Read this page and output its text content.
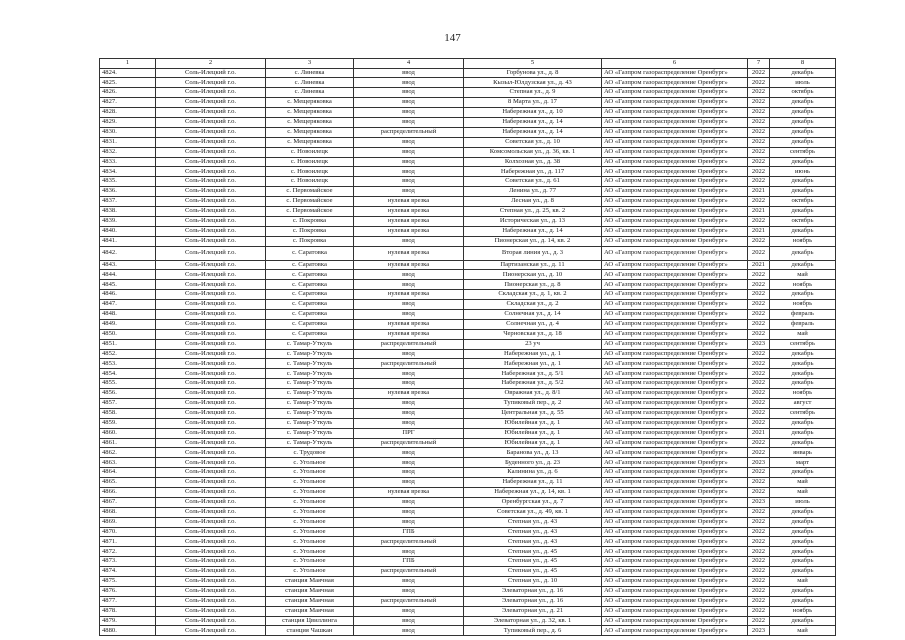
147
1	2	3	4	5	6	7	8
4824.	Соль-Илецкий г.о.	с. Линевка	ввод	Горбунова ул., д. 8	АО «Газпром газораспределение Оренбург»	2022	декабрь
4825.	Соль-Илецкий г.о.	с. Линевка	ввод	Кызыл-Юлдузская ул., д. 43	АО «Газпром газораспределение Оренбург»	2022	июль
4826.	Соль-Илецкий г.о.	с. Линевка	ввод	Степная ул., д. 9	АО «Газпром газораспределение Оренбург»	2022	октябрь
4827.	Соль-Илецкий г.о.	с. Мещеряковка	ввод	8 Марта ул., д. 17	АО «Газпром газораспределение Оренбург»	2022	декабрь
4828.	Соль-Илецкий г.о.	с. Мещеряковка	ввод	Набережная ул., д. 10	АО «Газпром газораспределение Оренбург»	2022	декабрь
4829.	Соль-Илецкий г.о.	с. Мещеряковка	ввод	Набережная ул., д. 14	АО «Газпром газораспределение Оренбург»	2022	декабрь
4830.	Соль-Илецкий г.о.	с. Мещеряковка	распределительный	Набережная ул., д. 14	АО «Газпром газораспределение Оренбург»	2022	декабрь
4831.	Соль-Илецкий г.о.	с. Мещеряковка	ввод	Советская ул., д. 10	АО «Газпром газораспределение Оренбург»	2022	декабрь
4832.	Соль-Илецкий г.о.	с. Новоилецк	ввод	Комсомольская ул., д. 36, кв. 1	АО «Газпром газораспределение Оренбург»	2022	сентябрь
4833.	Соль-Илецкий г.о.	с. Новоилецк	ввод	Колхозная ул., д. 38	АО «Газпром газораспределение Оренбург»	2022	декабрь
4834.	Соль-Илецкий г.о.	с. Новоилецк	ввод	Набережная ул., д. 117	АО «Газпром газораспределение Оренбург»	2022	июнь
4835.	Соль-Илецкий г.о.	с. Новоилецк	ввод	Советская ул., д. 61	АО «Газпром газораспределение Оренбург»	2022	декабрь
4836.	Соль-Илецкий г.о.	с. Первомайское	ввод	Ленина ул., д. 77	АО «Газпром газораспределение Оренбург»	2021	декабрь
4837.	Соль-Илецкий г.о.	с. Первомайское	нулевая врезка	Лесная ул., д. 8	АО «Газпром газораспределение Оренбург»	2022	октябрь
4838.	Соль-Илецкий г.о.	с. Первомайское	нулевая врезка	Степная ул., д. 25, кв. 2	АО «Газпром газораспределение Оренбург»	2021	декабрь
4839.	Соль-Илецкий г.о.	с. Покровка	нулевая врезка	Историческая ул., д. 13	АО «Газпром газораспределение Оренбург»	2022	октябрь
4840.	Соль-Илецкий г.о.	с. Покровка	нулевая врезка	Набережная ул., д. 14	АО «Газпром газораспределение Оренбург»	2021	декабрь
4841.	Соль-Илецкий г.о.	с. Покровка	ввод	Пионерская ул., д. 14, кв. 2	АО «Газпром газораспределение Оренбург»	2022	ноябрь
4842.	Соль-Илецкий г.о.	с. Саратовка	нулевая врезка	Вторая линия ул., д. 3	АО «Газпром газораспределение Оренбург»	2022	декабрь
4843.	Соль-Илецкий г.о.	с. Саратовка	нулевая врезка	Партизанская ул., д. 11	АО «Газпром газораспределение Оренбург»	2021	декабрь
4844.	Соль-Илецкий г.о.	с. Саратовка	ввод	Пионерская ул., д. 10	АО «Газпром газораспределение Оренбург»	2022	май
4845.	Соль-Илецкий г.о.	с. Саратовка	ввод	Пионерская ул., д. 8	АО «Газпром газораспределение Оренбург»	2022	ноябрь
4846.	Соль-Илецкий г.о.	с. Саратовка	нулевая врезка	Складская ул., д. 1, кв. 2	АО «Газпром газораспределение Оренбург»	2022	декабрь
4847.	Соль-Илецкий г.о.	с. Саратовка	ввод	Складская ул., д. 2	АО «Газпром газораспределение Оренбург»	2022	ноябрь
4848.	Соль-Илецкий г.о.	с. Саратовка	ввод	Солнечная ул., д. 14	АО «Газпром газораспределение Оренбург»	2022	февраль
4849.	Соль-Илецкий г.о.	с. Саратовка	нулевая врезка	Солнечная ул., д. 4	АО «Газпром газораспределение Оренбург»	2022	февраль
4850.	Соль-Илецкий г.о.	с. Саратовка	нулевая врезка	Черновская ул., д. 18	АО «Газпром газораспределение Оренбург»	2022	май
4851.	Соль-Илецкий г.о.	с. Тамар-Уткуль	распределительный	23 уч	АО «Газпром газораспределение Оренбург»	2023	сентябрь
4852.	Соль-Илецкий г.о.	с. Тамар-Уткуль	ввод	Набережная ул., д. 1	АО «Газпром газораспределение Оренбург»	2022	декабрь
4853.	Соль-Илецкий г.о.	с. Тамар-Уткуль	распределительный	Набережная ул., д. 1	АО «Газпром газораспределение Оренбург»	2022	декабрь
4854.	Соль-Илецкий г.о.	с. Тамар-Уткуль	ввод	Набережная ул., д. 5/1	АО «Газпром газораспределение Оренбург»	2022	декабрь
4855.	Соль-Илецкий г.о.	с. Тамар-Уткуль	ввод	Набережная ул., д. 5/2	АО «Газпром газораспределение Оренбург»	2022	декабрь
4856.	Соль-Илецкий г.о.	с. Тамар-Уткуль	нулевая врезка	Овражная ул., д. 8/1	АО «Газпром газораспределение Оренбург»	2022	ноябрь
4857.	Соль-Илецкий г.о.	с. Тамар-Уткуль	ввод	Тупиковый пер., д. 2	АО «Газпром газораспределение Оренбург»	2022	август
4858.	Соль-Илецкий г.о.	с. Тамар-Уткуль	ввод	Центральная ул., д. 55	АО «Газпром газораспределение Оренбург»	2022	сентябрь
4859.	Соль-Илецкий г.о.	с. Тамар-Уткуль	ввод	Юбилейная ул., д. 1	АО «Газпром газораспределение Оренбург»	2022	декабрь
4860.	Соль-Илецкий г.о.	с. Тамар-Уткуль	ПРГ	Юбилейная ул., д. 1	АО «Газпром газораспределение Оренбург»	2021	декабрь
4861.	Соль-Илецкий г.о.	с. Тамар-Уткуль	распределительный	Юбилейная ул., д. 1	АО «Газпром газораспределение Оренбург»	2022	декабрь
4862.	Соль-Илецкий г.о.	с. Трудовое	ввод	Баранова ул., д. 13	АО «Газпром газораспределение Оренбург»	2022	январь
4863.	Соль-Илецкий г.о.	с. Угольное	ввод	Буденного ул., д. 23	АО «Газпром газораспределение Оренбург»	2023	март
4864.	Соль-Илецкий г.о.	с. Угольное	ввод	Калинина ул., д. 6	АО «Газпром газораспределение Оренбург»	2022	декабрь
4865.	Соль-Илецкий г.о.	с. Угольное	ввод	Набережная ул., д. 11	АО «Газпром газораспределение Оренбург»	2022	май
4866.	Соль-Илецкий г.о.	с. Угольное	нулевая врезка	Набережная ул., д. 14, кв. 1	АО «Газпром газораспределение Оренбург»	2022	май
4867.	Соль-Илецкий г.о.	с. Угольное	ввод	Оренбургская ул., д. 7	АО «Газпром газораспределение Оренбург»	2023	июль
4868.	Соль-Илецкий г.о.	с. Угольное	ввод	Советская ул., д. 49, кв. 1	АО «Газпром газораспределение Оренбург»	2022	декабрь
4869.	Соль-Илецкий г.о.	с. Угольное	ввод	Степная ул., д. 43	АО «Газпром газораспределение Оренбург»	2022	декабрь
4870.	Соль-Илецкий г.о.	с. Угольное	ГПБ	Степная ул., д. 43	АО «Газпром газораспределение Оренбург»	2022	декабрь
4871.	Соль-Илецкий г.о.	с. Угольное	распределительный	Степная ул., д. 43	АО «Газпром газораспределение Оренбург»	2022	декабрь
4872.	Соль-Илецкий г.о.	с. Угольное	ввод	Степная ул., д. 45	АО «Газпром газораспределение Оренбург»	2022	декабрь
4873.	Соль-Илецкий г.о.	с. Угольное	ГПБ	Степная ул., д. 45	АО «Газпром газораспределение Оренбург»	2022	декабрь
4874.	Соль-Илецкий г.о.	с. Угольное	распределительный	Степная ул., д. 45	АО «Газпром газораспределение Оренбург»	2022	декабрь
4875.	Соль-Илецкий г.о.	станция Маячная	ввод	Степная ул., д. 10	АО «Газпром газораспределение Оренбург»	2022	май
4876.	Соль-Илецкий г.о.	станция Маячная	ввод	Элеваторная ул., д. 16	АО «Газпром газораспределение Оренбург»	2022	декабрь
4877.	Соль-Илецкий г.о.	станция Маячная	распределительный	Элеваторная ул., д. 16	АО «Газпром газораспределение Оренбург»	2022	декабрь
4878.	Соль-Илецкий г.о.	станция Маячная	ввод	Элеваторная ул., д. 21	АО «Газпром газораспределение Оренбург»	2022	ноябрь
4879.	Соль-Илецкий г.о.	станция Цвиллинга	ввод	Элеваторная ул., д. 32, кв. 1	АО «Газпром газораспределение Оренбург»	2022	декабрь
4880.	Соль-Илецкий г.о.	станция Чашкан	ввод	Тупиковый пер., д. 6	АО «Газпром газораспределение Оренбург»	2023	май
